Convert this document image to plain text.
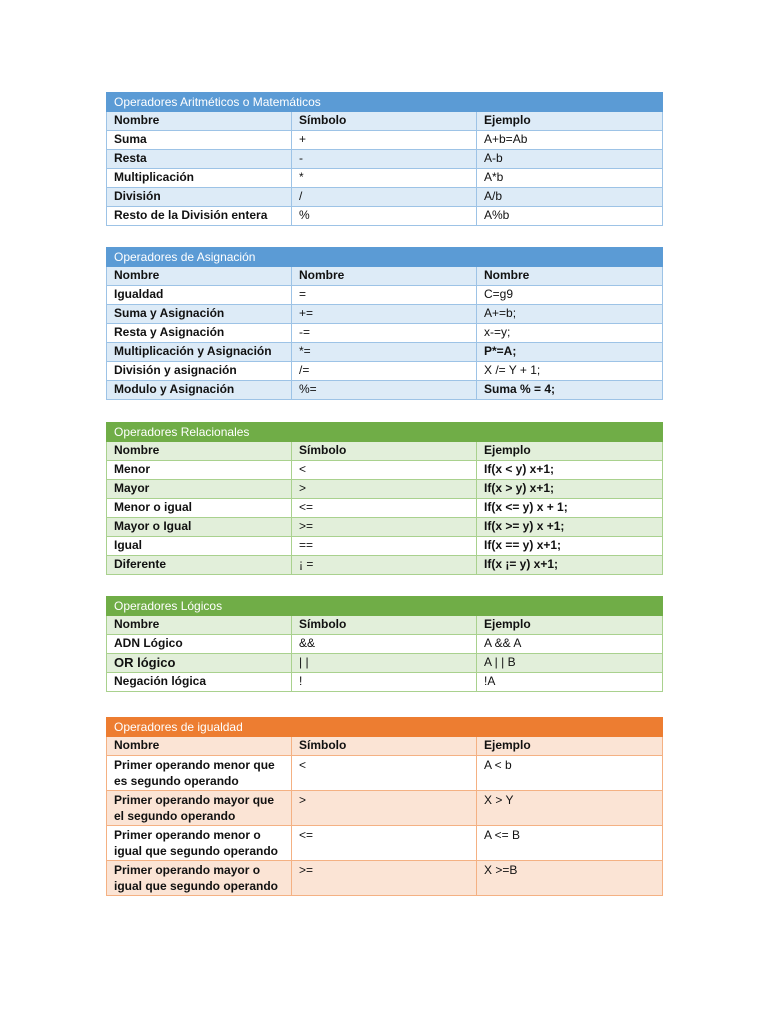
Operadores Aritméticos o Matemáticos		
Nombre	Símbolo	Ejemplo
Suma	+	A+b=Ab
Resta	-	A-b
Multiplicación	*	A*b
División	/	A/b
Resto de la División entera	%	A%b
Operadores de Asignación		
Nombre	Nombre	Nombre
Igualdad	=	C=g9
Suma y Asignación	+=	A+=b;
Resta y Asignación	-=	x-=y;
Multiplicación y Asignación	*=	P*=A;
División y asignación	/=	X /= Y + 1;
Modulo y Asignación	%=	Suma % = 4;
Operadores Relacionales		
Nombre	Símbolo	Ejemplo
Menor	<	If(x < y) x+1;
Mayor	>	If(x > y) x+1;
Menor o igual	<=	If(x <= y) x + 1;
Mayor o Igual	>=	If(x >= y) x +1;
Igual	==	If(x == y) x+1;
Diferente	¡ =	If(x ¡= y) x+1;
Operadores Lógicos		
Nombre	Símbolo	Ejemplo
ADN Lógico	&&	A && A
OR lógico	| |	A | | B
Negación lógica	!	!A
Operadores de igualdad		
Nombre	Símbolo	Ejemplo
Primer operando menor que es segundo operando	<	A < b
Primer operando mayor que el segundo operando	>	X > Y
Primer operando menor o igual que segundo operando	<=	A <= B
Primer operando mayor o igual que segundo operando	>=	X >=B
